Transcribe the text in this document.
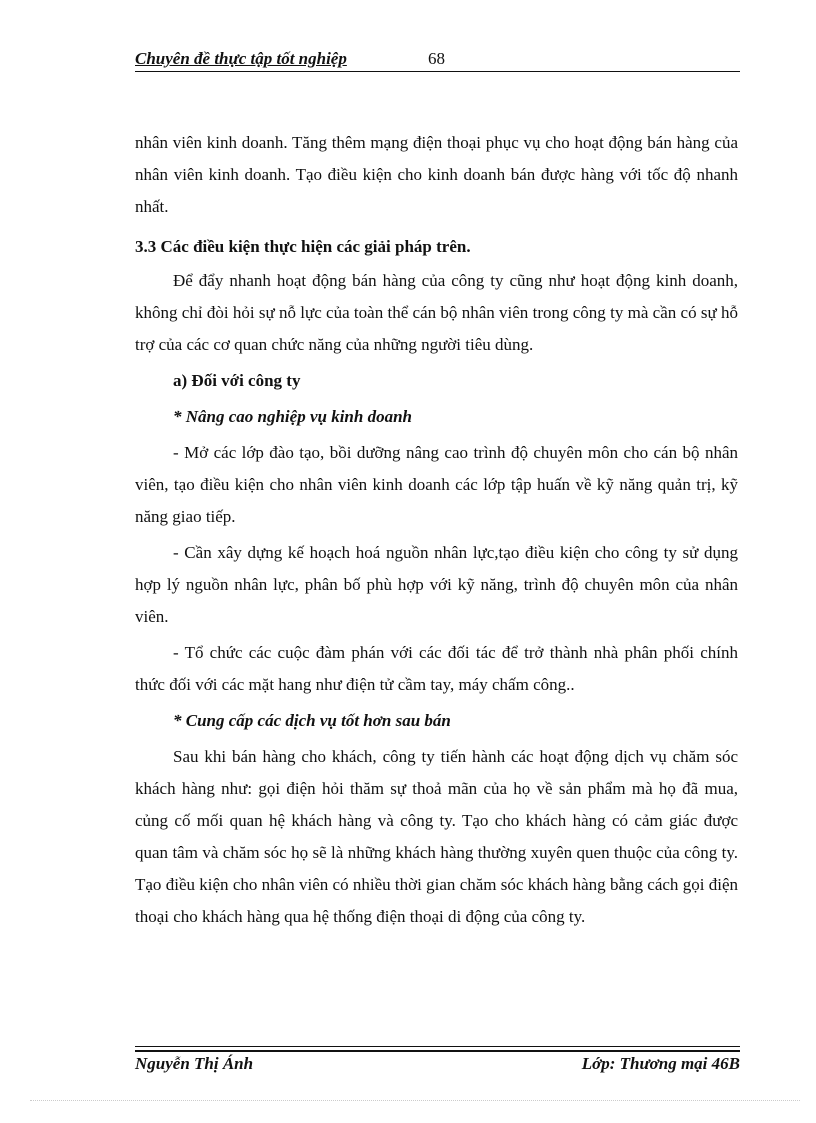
Chuyên đề thực tập tốt nghiệp	68

nhân viên kinh doanh. Tăng thêm mạng điện thoại phục vụ cho hoạt động bán hàng của nhân viên kinh doanh. Tạo điều kiện cho kinh doanh bán được hàng với tốc độ nhanh nhất.

3.3 Các điều kiện thực hiện các giải pháp trên.

Để đẩy nhanh hoạt động bán hàng của công ty cũng như hoạt động kinh doanh, không chỉ đòi hỏi sự nỗ lực của toàn thể cán bộ nhân viên trong công ty mà cần có sự hỗ trợ của các cơ quan chức năng của những người tiêu dùng.

a) Đối với công ty

* Nâng cao nghiệp vụ kinh doanh

- Mở các lớp đào tạo, bồi dưỡng nâng cao trình độ chuyên môn cho cán bộ nhân viên, tạo điều kiện cho nhân viên kinh doanh các lớp tập huấn về kỹ năng quản trị, kỹ năng giao tiếp.

- Cần xây dựng kế hoạch hoá nguồn nhân lực,tạo điều kiện cho công ty sử dụng hợp lý nguồn nhân lực, phân bố phù hợp với kỹ năng, trình độ chuyên môn của nhân viên.

- Tổ chức các cuộc đàm phán với các đối tác để trở thành nhà phân phối chính thức đối với các mặt hang như điện tử cầm tay, máy chấm công..

* Cung cấp các dịch vụ tốt hơn sau bán

Sau khi bán hàng cho khách, công ty tiến hành các hoạt động dịch vụ chăm sóc khách hàng như: gọi điện hỏi thăm sự thoả mãn của họ về sản phẩm mà họ đã mua, củng cố mối quan hệ khách hàng và công ty. Tạo cho khách hàng có cảm giác được quan tâm và chăm sóc họ sẽ là những khách hàng thường xuyên quen thuộc của công ty. Tạo điều kiện cho nhân viên có nhiều thời gian chăm sóc khách hàng bằng cách gọi điện thoại cho khách hàng qua hệ thống điện thoại di động của công ty.

Nguyễn Thị Ánh	Lớp: Thương mại 46B
